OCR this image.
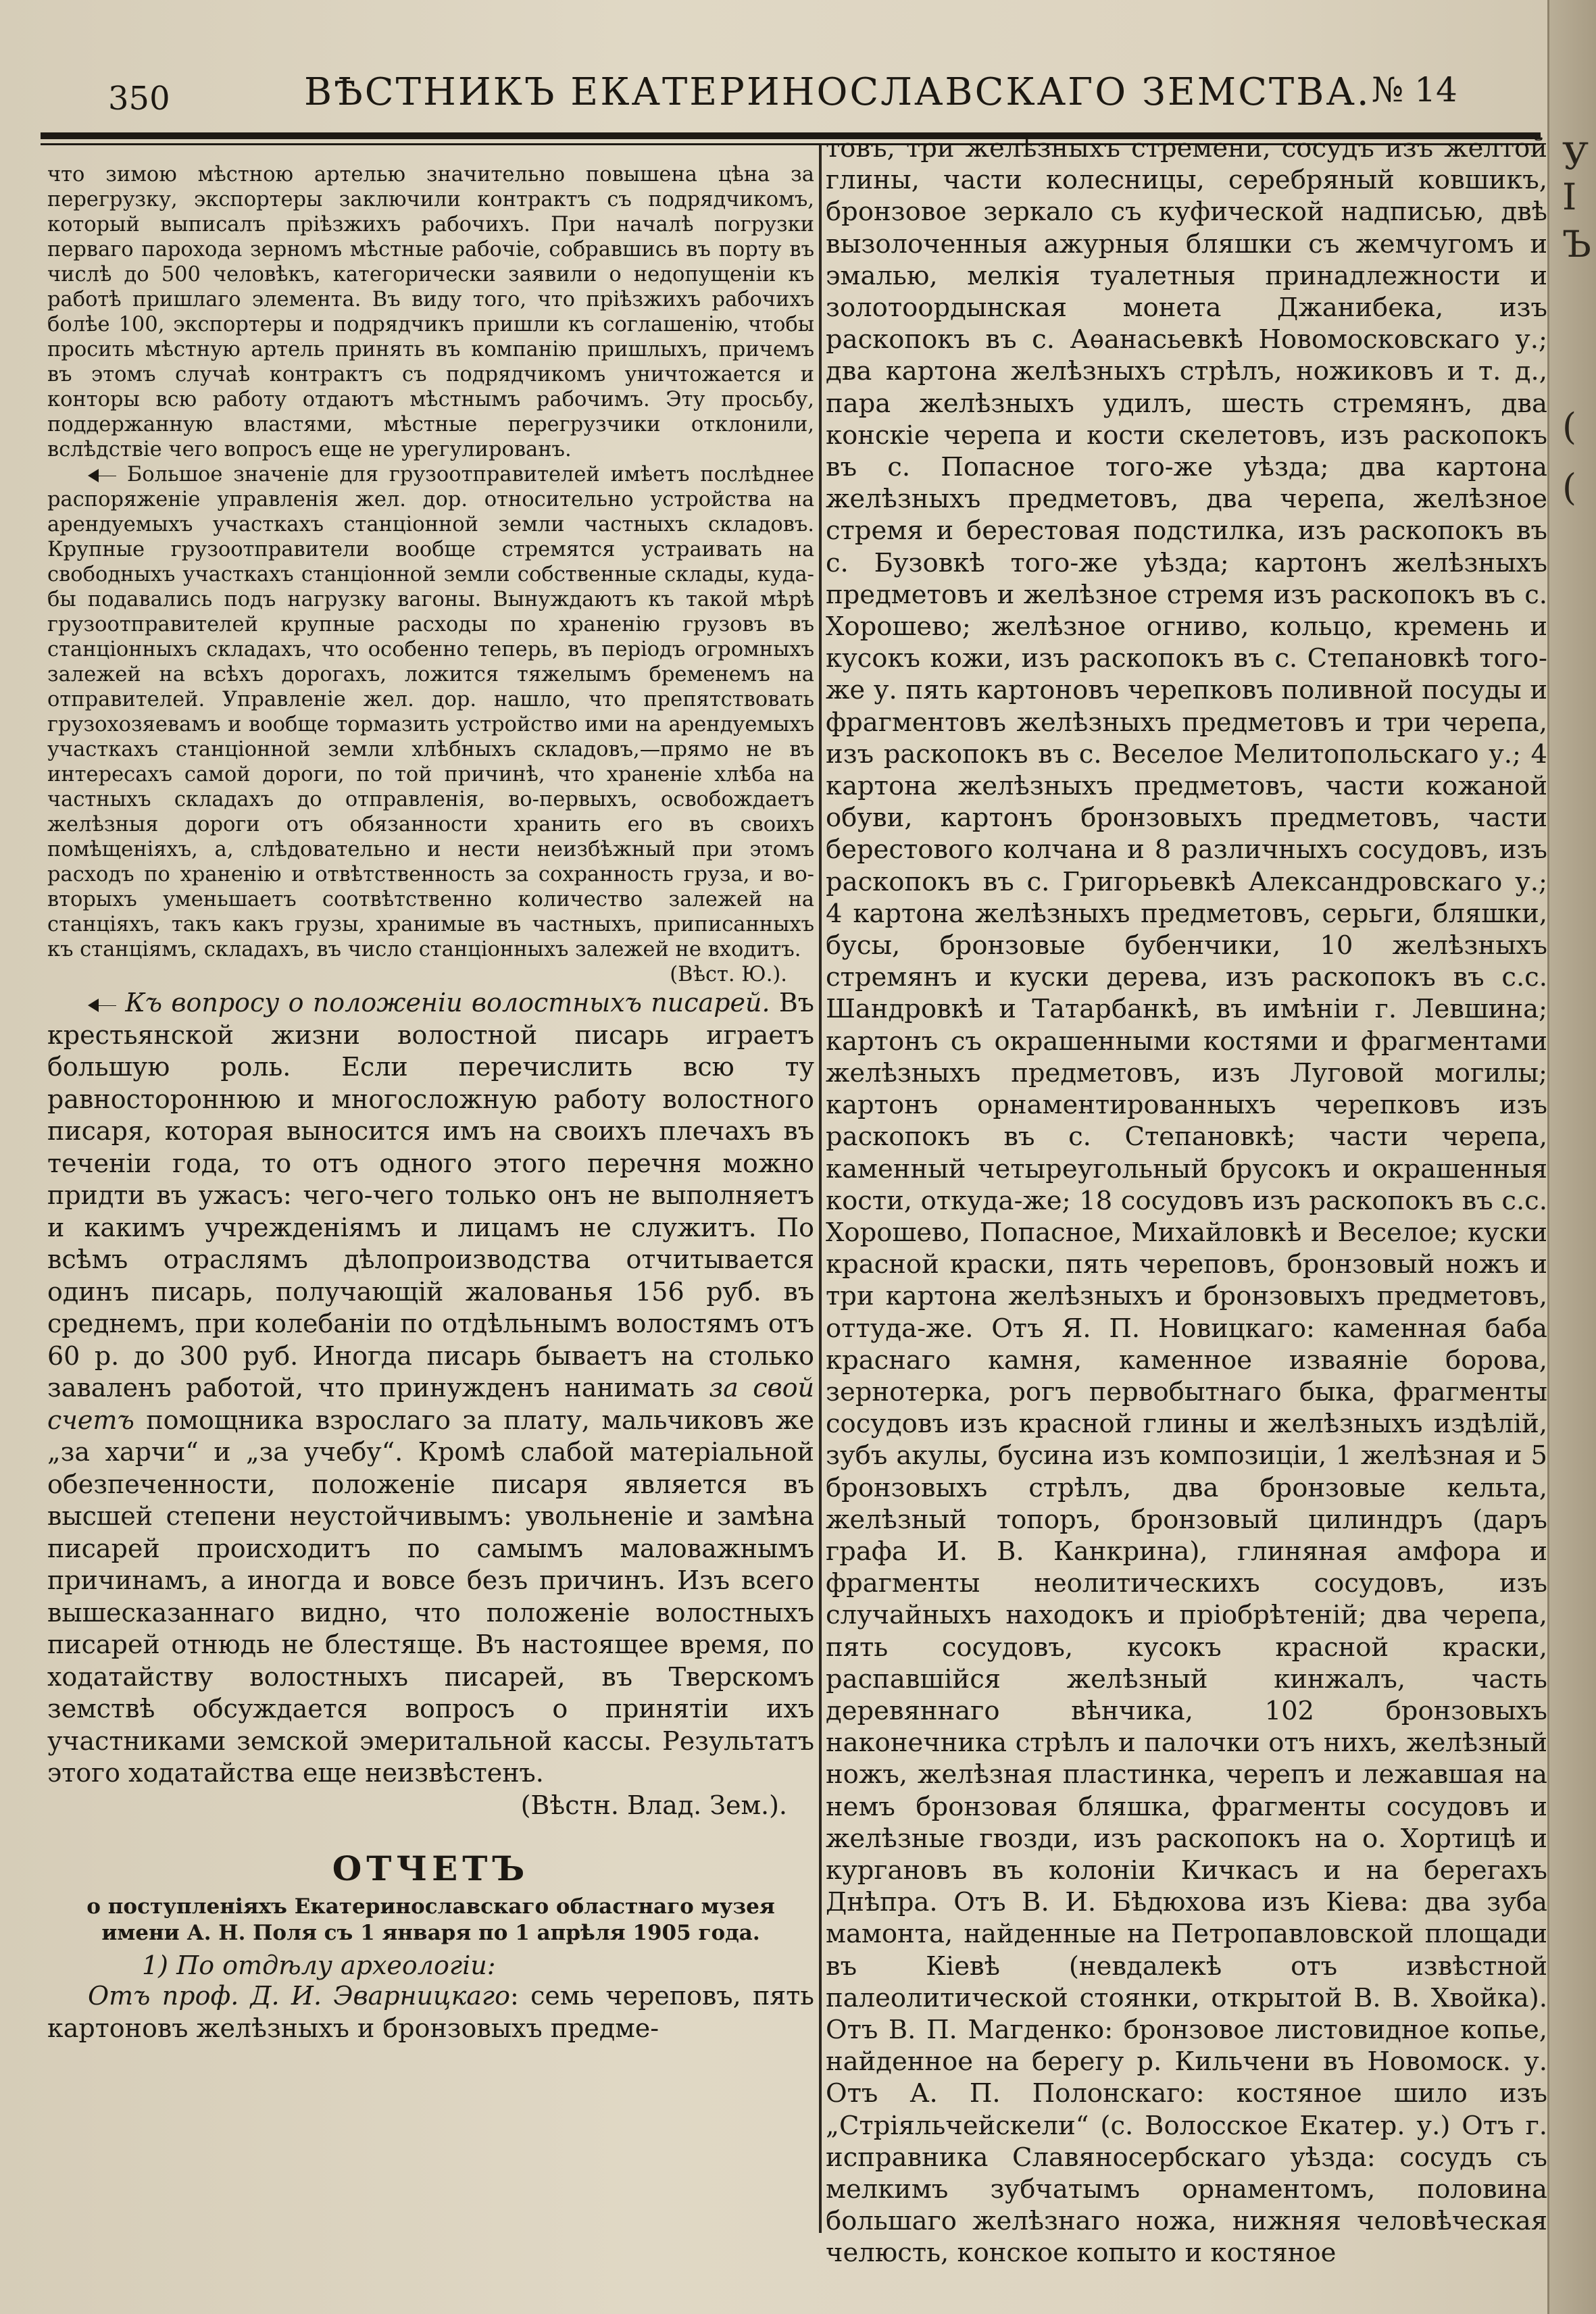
У
I
Ъ
(
(
350	ВѢСТНИКЪ ЕКАТЕРИНОСЛАВСКАГО ЗЕМСТВА. № 14

что зимою мѣстною артелью значительно повышена цѣна за перегрузку, экспортеры заключили контрактъ съ подрядчикомъ, который выписалъ пріѣзжихъ рабочихъ. При началѣ погрузки перваго парохода зерномъ мѣстные рабочіе, собравшись въ порту въ числѣ до 500 человѣкъ, категорически заявили о недопущеніи къ работѣ пришлаго элемента. Въ виду того, что пріѣзжихъ рабочихъ болѣе 100, экспортеры и подрядчикъ пришли къ соглашенію, чтобы просить мѣстную артель принять въ компанію пришлыхъ, причемъ въ этомъ случаѣ контрактъ съ подрядчикомъ уничтожается и конторы всю работу отдаютъ мѣстнымъ рабочимъ. Эту просьбу, поддержанную властями, мѣстные перегрузчики отклонили, вслѣдствіе чего вопросъ еще не урегулированъ.

Большое значеніе для грузоотправителей имѣетъ послѣднее распоряженіе управленія жел. дор. относительно устройства на арендуемыхъ участкахъ станціонной земли частныхъ складовъ. Крупные грузоотправители вообще стремятся устраивать на свободныхъ участкахъ станціонной земли собственные склады, куда-бы подавались подъ нагрузку вагоны. Вынуждаютъ къ такой мѣрѣ грузоотправителей крупные расходы по храненію грузовъ въ станціонныхъ складахъ, что особенно теперь, въ періодъ огромныхъ залежей на всѣхъ дорогахъ, ложится тяжелымъ бременемъ на отправителей. Управленіе жел. дор. нашло, что препятствовать грузохозяевамъ и вообще тормазить устройство ими на арендуемыхъ участкахъ станціонной земли хлѣбныхъ складовъ,—прямо не въ интересахъ самой дороги, по той причинѣ, что храненіе хлѣба на частныхъ складахъ до отправленія, во-первыхъ, освобождаетъ желѣзныя дороги отъ обязанности хранить его въ своихъ помѣщеніяхъ, а, слѣдовательно и нести неизбѣжный при этомъ расходъ по храненію и отвѣтственность за сохранность груза, и во-вторыхъ уменьшаетъ соотвѣтственно количество залежей на станціяхъ, такъ какъ грузы, хранимые въ частныхъ, приписанныхъ къ станціямъ, складахъ, въ число станціонныхъ залежей не входитъ.

(Вѣст. Ю.).

Къ вопросу о положеніи волостныхъ писарей. Въ крестьянской жизни волостной писарь играетъ большую роль. Если перечислить всю ту равностороннюю и многосложную работу волостного писаря, которая выносится имъ на своихъ плечахъ въ теченіи года, то отъ одного этого перечня можно придти въ ужасъ: чего-чего только онъ не выполняетъ и какимъ учрежденіямъ и лицамъ не служитъ. По всѣмъ отраслямъ дѣлопроизводства отчитывается одинъ писарь, получающій жалованья 156 руб. въ среднемъ, при колебаніи по отдѣльнымъ волостямъ отъ 60 р. до 300 руб. Иногда писарь бываетъ на столько заваленъ работой, что принужденъ нанимать за свой счетъ помощника взрослаго за плату, мальчиковъ же „за харчи“ и „за учебу“. Кромѣ слабой матеріальной обезпеченности, положеніе писаря является въ высшей степени неустойчивымъ: увольненіе и замѣна писарей происходитъ по самымъ маловажнымъ причинамъ, а иногда и вовсе безъ причинъ. Изъ всего вышесказаннаго видно, что положеніе волостныхъ писарей отнюдь не блестяще. Въ настоящее время, по ходатайству волостныхъ писарей, въ Тверскомъ земствѣ обсуждается вопросъ о принятіи ихъ участниками земской эмеритальной кассы. Результатъ этого ходатайства еще неизвѣстенъ.

(Вѣстн. Влад. Зем.).

ОТЧЕТЪ
о поступленіяхъ Екатеринославскаго областнаго музея имени А. Н. Поля съ 1 января по 1 апрѣля 1905 года.
1) По отдѣлу археологіи:

Отъ проф. Д. И. Эварницкаго: семь череповъ, пять картоновъ желѣзныхъ и бронзовыхъ предме-

товъ, три желѣзныхъ стремени, сосудъ изъ желтой глины, части колесницы, серебряный ковшикъ, бронзовое зеркало съ куфической надписью, двѣ вызолоченныя ажурныя бляшки съ жемчугомъ и эмалью, мелкія туалетныя принадлежности и золотоордынская монета Джанибека, изъ раскопокъ въ с. Аѳанасьевкѣ Новомосковскаго у.; два картона желѣзныхъ стрѣлъ, ножиковъ и т. д., пара желѣзныхъ удилъ, шесть стремянъ, два конскіе черепа и кости скелетовъ, изъ раскопокъ въ с. Попасное того-же уѣзда; два картона желѣзныхъ предметовъ, два черепа, желѣзное стремя и берестовая подстилка, изъ раскопокъ въ с. Бузовкѣ того-же уѣзда; картонъ желѣзныхъ предметовъ и желѣзное стремя изъ раскопокъ въ с. Хорошево; желѣзное огниво, кольцо, кремень и кусокъ кожи, изъ раскопокъ въ с. Степановкѣ того-же у. пять картоновъ черепковъ поливной посуды и фрагментовъ желѣзныхъ предметовъ и три черепа, изъ раскопокъ въ с. Веселое Мелитопольскаго у.; 4 картона желѣзныхъ предметовъ, части кожаной обуви, картонъ бронзовыхъ предметовъ, части берестового колчана и 8 различныхъ сосудовъ, изъ раскопокъ въ с. Григорьевкѣ Александровскаго у.; 4 картона желѣзныхъ предметовъ, серьги, бляшки, бусы, бронзовые бубенчики, 10 желѣзныхъ стремянъ и куски дерева, изъ раскопокъ въ с.с. Шандровкѣ и Татарбанкѣ, въ имѣніи г. Левшина; картонъ съ окрашенными костями и фрагментами желѣзныхъ предметовъ, изъ Луговой могилы; картонъ орнаментированныхъ черепковъ изъ раскопокъ въ с. Степановкѣ; части черепа, каменный четыреугольный брусокъ и окрашенныя кости, откуда-же; 18 сосудовъ изъ раскопокъ въ с.с. Хорошево, Попасное, Михайловкѣ и Веселое; куски красной краски, пять череповъ, бронзовый ножъ и три картона желѣзныхъ и бронзовыхъ предметовъ, оттуда-же. Отъ Я. П. Новицкаго: каменная баба краснаго камня, каменное изваяніе борова, зернотерка, рогъ первобытнаго быка, фрагменты сосудовъ изъ красной глины и желѣзныхъ издѣлій, зубъ акулы, бусина изъ композиціи, 1 желѣзная и 5 бронзовыхъ стрѣлъ, два бронзовые кельта, желѣзный топоръ, бронзовый цилиндръ (даръ графа И. В. Канкрина), глиняная амфора и фрагменты неолитическихъ сосудовъ, изъ случайныхъ находокъ и пріобрѣтеній; два черепа, пять сосудовъ, кусокъ красной краски, распавшійся желѣзный кинжалъ, часть деревяннаго вѣнчика, 102 бронзовыхъ наконечника стрѣлъ и палочки отъ нихъ, желѣзный ножъ, желѣзная пластинка, черепъ и лежавшая на немъ бронзовая бляшка, фрагменты сосудовъ и желѣзные гвозди, изъ раскопокъ на о. Хортицѣ и кургановъ въ колоніи Кичкасъ и на берегахъ Днѣпра. Отъ В. И. Бѣдюхова изъ Кіева: два зуба мамонта, найденные на Петропавловской площади въ Кіевѣ (невдалекѣ отъ извѣстной палеолитической стоянки, открытой В. В. Хвойка). Отъ В. П. Магденко: бронзовое листовидное копье, найденное на берегу р. Кильчени въ Новомоск. у. Отъ А. П. Полонскаго: костяное шило изъ „Стріяльчейскели“ (с. Волосское Екатер. у.) Отъ г. исправника Славяносербскаго уѣзда: сосудъ съ мелкимъ зубчатымъ орнаментомъ, половина большаго желѣзнаго ножа, нижняя человѣческая челюсть, конское копыто и костяное
